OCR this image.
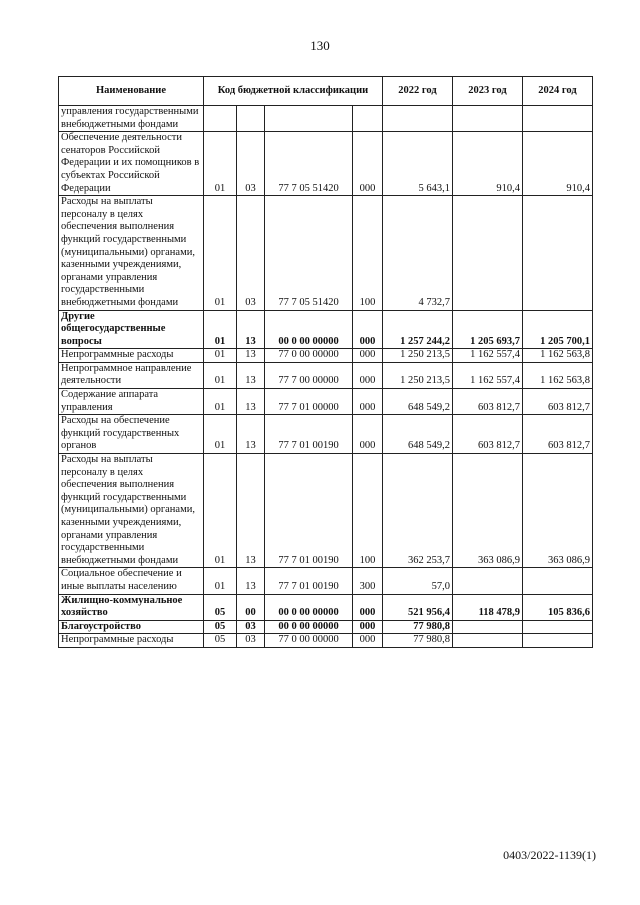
130
Наименование	Код бюджетной классификации				2022 год	2023 год	2024 год
управления государственными внебюджетными фондами							
Обеспечение деятельности сенаторов Российской Федерации и их помощников в субъектах Российской Федерации	01	03	77 7 05 51420	000	5 643,1	910,4	910,4
Расходы на выплаты персоналу в целях обеспечения выполнения функций государственными (муниципальными) органами, казенными учреждениями, органами управления государственными внебюджетными фондами	01	03	77 7 05 51420	100	4 732,7		
Другие общегосударственные вопросы	01	13	00 0 00 00000	000	1 257 244,2	1 205 693,7	1 205 700,1
Непрограммные расходы	01	13	77 0 00 00000	000	1 250 213,5	1 162 557,4	1 162 563,8
Непрограммное направление деятельности	01	13	77 7 00 00000	000	1 250 213,5	1 162 557,4	1 162 563,8
Содержание аппарата управления	01	13	77 7 01 00000	000	648 549,2	603 812,7	603 812,7
Расходы на обеспечение функций государственных органов	01	13	77 7 01 00190	000	648 549,2	603 812,7	603 812,7
Расходы на выплаты персоналу в целях обеспечения выполнения функций государственными (муниципальными) органами, казенными учреждениями, органами управления государственными внебюджетными фондами	01	13	77 7 01 00190	100	362 253,7	363 086,9	363 086,9
Социальное обеспечение и иные выплаты населению	01	13	77 7 01 00190	300	57,0		
Жилищно-коммунальное хозяйство	05	00	00 0 00 00000	000	521 956,4	118 478,9	105 836,6
Благоустройство	05	03	00 0 00 00000	000	77 980,8		
Непрограммные расходы	05	03	77 0 00 00000	000	77 980,8		
0403/2022-1139(1)
